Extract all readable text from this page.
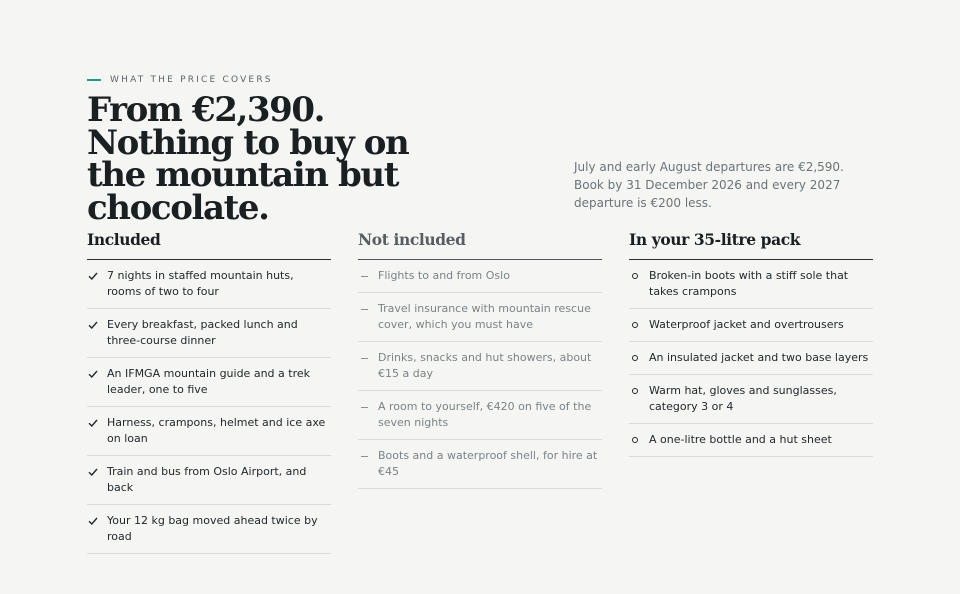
WHAT THE PRICE COVERS
From €2,390. Nothing to buy on the mountain but chocolate.

July and early August departures are €2,590. Book by 31 December 2026 and every 2027 departure is €200 less.

Included
7 nights in staffed mountain huts, rooms of two to four
Every breakfast, packed lunch and three-course dinner
An IFMGA mountain guide and a trek leader, one to five
Harness, crampons, helmet and ice axe on loan
Train and bus from Oslo Airport, and back
Your 12 kg bag moved ahead twice by road
Not included
Flights to and from Oslo
Travel insurance with mountain rescue cover, which you must have
Drinks, snacks and hut showers, about €15 a day
A room to yourself, €420 on five of the seven nights
Boots and a waterproof shell, for hire at €45
In your 35-litre pack
Broken-in boots with a stiff sole that takes crampons
Waterproof jacket and overtrousers
An insulated jacket and two base layers
Warm hat, gloves and sunglasses, category 3 or 4
A one-litre bottle and a hut sheet
